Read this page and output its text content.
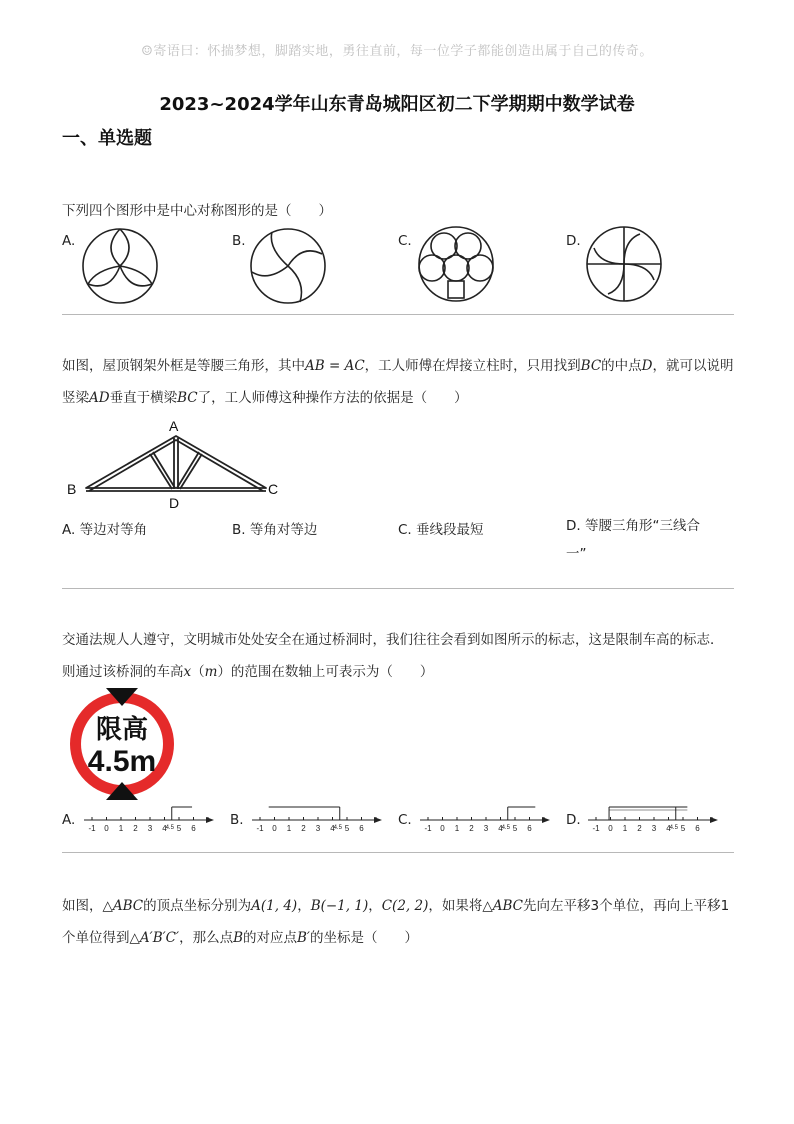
☺寄语曰：怀揣梦想，脚踏实地，勇往直前，每一位学子都能创造出属于自己的传奇。
2023~2024学年山东青岛城阳区初二下学期期中数学试卷
一、单选题
下列四个图形中是中心对称图形的是（　　）
A.	B.	C.	D.
如图，屋顶钢架外框是等腰三角形，其中AB = AC，工人师傅在焊接立柱时，只用找到BC的中点D，就可以说明竖梁AD垂直于横梁BC了，工人师傅这种操作方法的依据是（　　）
A
B	C
D
A. 等边对等角	B. 等角对等边	C. 垂线段最短	D. 等腰三角形“三线合一”
交通法规人人遵守，文明城市处处安全在通过桥洞时，我们往往会看到如图所示的标志，这是限制车高的标志．则通过该桥洞的车高x（m）的范围在数轴上可表示为（　　）
限高
4.5m
A.
-1 0 1 2 3 4
4.5 5 6
B.
-1 0 1 2 3 4
4.5 5 6
C.
-1 0 1 2 3 4
4.5 5 6
D.
-1 0 1 2 3 4
4.5 5 6
如图，△ABC的顶点坐标分别为A(1, 4)，B(−1, 1)，C(2, 2)，如果将△ABC先向左平移3个单位，再向上平移1个单位得到△A′B′C′，那么点B的对应点B′的坐标是（　　）
